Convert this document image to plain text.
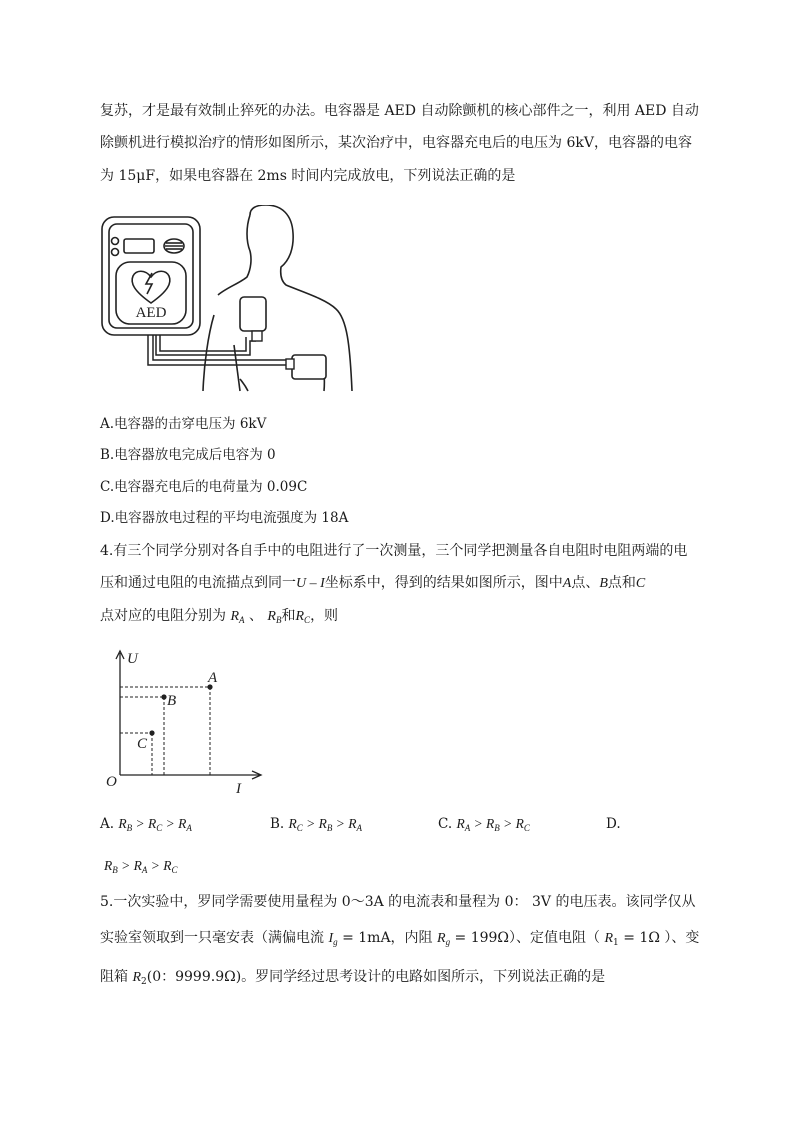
复苏，才是最有效制止猝死的办法。电容器是 AED 自动除颤机的核心部件之一，利用 AED 自动
除颤机进行模拟治疗的情形如图所示，某次治疗中，电容器充电后的电压为 6kV，电容器的电容
为 15μF，如果电容器在 2ms 时间内完成放电，下列说法正确的是
AED
A.电容器的击穿电压为 6kV
B.电容器放电完成后电容为 0
C.电容器充电后的电荷量为 0.09C
D.电容器放电过程的平均电流强度为 18A
4.有三个同学分别对各自手中的电阻进行了一次测量，三个同学把测量各自电阻时电阻两端的电
压和通过电阻的电流描点到同一U – I坐标系中，得到的结果如图所示，图中A点、B点和C
点对应的电阻分别为 $R_A$ 、 $R_B$和$R_C$，则
U
I
O
A
B
C
A. $R_B > R_C > R_A$	B. $R_C > R_B > R_A$	C. $R_A > R_B > R_C$	D.
$R_B > R_A > R_C$
5.一次实验中，罗同学需要使用量程为 0～3A 的电流表和量程为 0： 3V 的电压表。该同学仅从
实验室领取到一只毫安表（满偏电流 $I_g = 1mA$，内阻 $R_g = 199\Omega$）、定值电阻（ $R_1 = 1\Omega$ ）、变
阻箱 $R_2(0$：9999.9Ω)。罗同学经过思考设计的电路如图所示，下列说法正确的是
